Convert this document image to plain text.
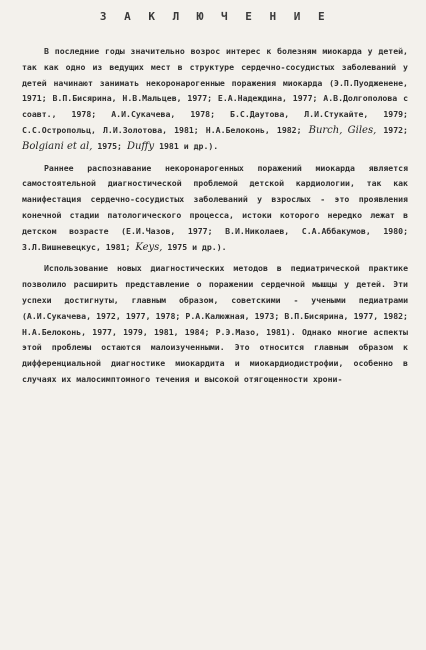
З А К Л Ю Ч Е Н И Е

В последние годы значительно возрос интерес к болезням миокарда у детей, так как одно из ведущих мест в структуре сердечно-сосудистых заболеваний у детей начинают занимать некоронарогенные поражения миокарда (Э.П.Пуодженене, 1971; В.П.Бисярина, Н.В.Мальцев, 1977; Е.А.Надеждина, 1977; А.В.Долгополова с соавт., 1978; А.И.Сукачева, 1978; Б.С.Даутова, Л.И.Стукайте, 1979; С.С.Остропольц, Л.И.Золотова, 1981; Н.А.Белоконь, 1982; Burch, Giles, 1972; Bolgiani et al, 1975; Duffy 1981 и др.).

Раннее распознавание некоронарогенных поражений миокарда является самостоятельной диагностической проблемой детской кардиологии, так как манифестация сердечно-сосудистых заболеваний у взрослых - это проявления конечной стадии патологического процесса, истоки которого нередко лежат в детском возрасте (Е.И.Чазов, 1977; В.И.Николаев, С.А.Аббакумов, 1980; З.Л.Вишневецкус, 1981; Keys, 1975 и др.).

Использование новых диагностических методов в педиатрической практике позволило расширить представление о поражении сердечной мышцы у детей. Эти успехи достигнуты, главным образом, советскими - учеными педиатрами (А.И.Сукачева, 1972, 1977, 1978; Р.А.Калюжная, 1973; В.П.Бисярина, 1977, 1982; Н.А.Белоконь, 1977, 1979, 1981, 1984; Р.Э.Мазо, 1981). Однако многие аспекты этой проблемы остаются малоизученными. Это относится главным образом к дифференциальной диагностике миокардита и миокардиодистрофии, особенно в случаях их малосимптомного течения и высокой отягощенности хрони-
